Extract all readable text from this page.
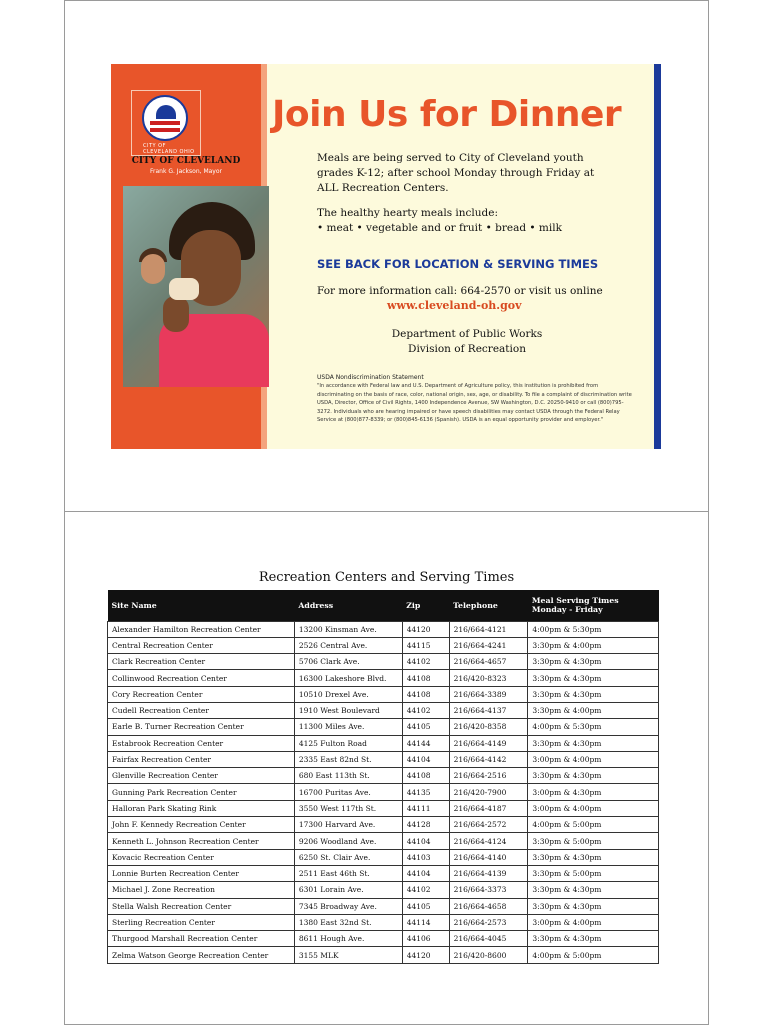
CITY OF CLEVELAND OHIO
CITY OF CLEVELAND
Frank G. Jackson, Mayor
Join Us for Dinner
Meals are being served to City of Cleveland youth
grades K-12; after school Monday through Friday at
ALL Recreation Centers.
The healthy hearty meals include:
• meat • vegetable and or fruit • bread • milk
SEE BACK FOR LOCATION & SERVING TIMES
For more information call: 664-2570 or visit us online
www.cleveland-oh.gov
Department of Public Works
Division of Recreation
USDA Nondiscrimination Statement
"In accordance with Federal law and U.S. Department of Agriculture policy, this institution is prohibited from discriminating on the basis of race, color, national origin, sex, age, or disability. To file a complaint of discrimination write USDA, Director, Office of Civil Rights, 1400 Independence Avenue, SW Washington, D.C. 20250-9410 or call (800)795-3272. Individuals who are hearing impaired or have speech disabilities may contact USDA through the Federal Relay Service at (800)877-8339; or (800)845-6136 (Spanish). USDA is an equal opportunity provider and employer."
Recreation Centers and Serving Times
Site Name	Address	Zip	Telephone	Meal Serving Times
Monday - Friday

Alexander Hamilton Recreation Center	13200 Kinsman Ave.	44120	216/664-4121	4:00pm & 5:30pm
Central Recreation Center	2526 Central Ave.	44115	216/664-4241	3:30pm & 4:00pm
Clark Recreation Center	5706 Clark Ave.	44102	216/664-4657	3:30pm & 4:30pm
Collinwood Recreation Center	16300 Lakeshore Blvd.	44108	216/420-8323	3:30pm & 4:30pm
Cory Recreation Center	10510 Drexel Ave.	44108	216/664-3389	3:30pm & 4:30pm
Cudell Recreation Center	1910 West Boulevard	44102	216/664-4137	3:30pm & 4:00pm
Earle B. Turner Recreation Center	11300 Miles Ave.	44105	216/420-8358	4:00pm & 5:30pm
Estabrook Recreation Center	4125 Fulton Road	44144	216/664-4149	3:30pm & 4:30pm
Fairfax Recreation Center	2335 East 82nd St.	44104	216/664-4142	3:00pm & 4:00pm
Glenville Recreation Center	680 East 113th St.	44108	216/664-2516	3:30pm & 4:30pm
Gunning Park Recreation Center	16700 Puritas Ave.	44135	216/420-7900	3:00pm & 4:30pm
Halloran Park Skating Rink	3550 West 117th St.	44111	216/664-4187	3:00pm & 4:00pm
John F. Kennedy Recreation Center	17300 Harvard Ave.	44128	216/664-2572	4:00pm & 5:00pm
Kenneth L. Johnson Recreation Center	9206 Woodland Ave.	44104	216/664-4124	3:30pm & 5:00pm
Kovacic Recreation Center	6250 St. Clair Ave.	44103	216/664-4140	3:30pm & 4:30pm
Lonnie Burten Recreation Center	2511 East 46th St.	44104	216/664-4139	3:30pm & 5:00pm
Michael J. Zone Recreation	6301 Lorain Ave.	44102	216/664-3373	3:30pm & 4:30pm
Stella Walsh Recreation Center	7345 Broadway Ave.	44105	216/664-4658	3:30pm & 4:30pm
Sterling Recreation Center	1380 East 32nd St.	44114	216/664-2573	3:00pm & 4:00pm
Thurgood Marshall Recreation Center	8611 Hough Ave.	44106	216/664-4045	3:30pm & 4:30pm
Zelma Watson George Recreation Center	3155 MLK	44120	216/420-8600	4:00pm & 5:00pm
